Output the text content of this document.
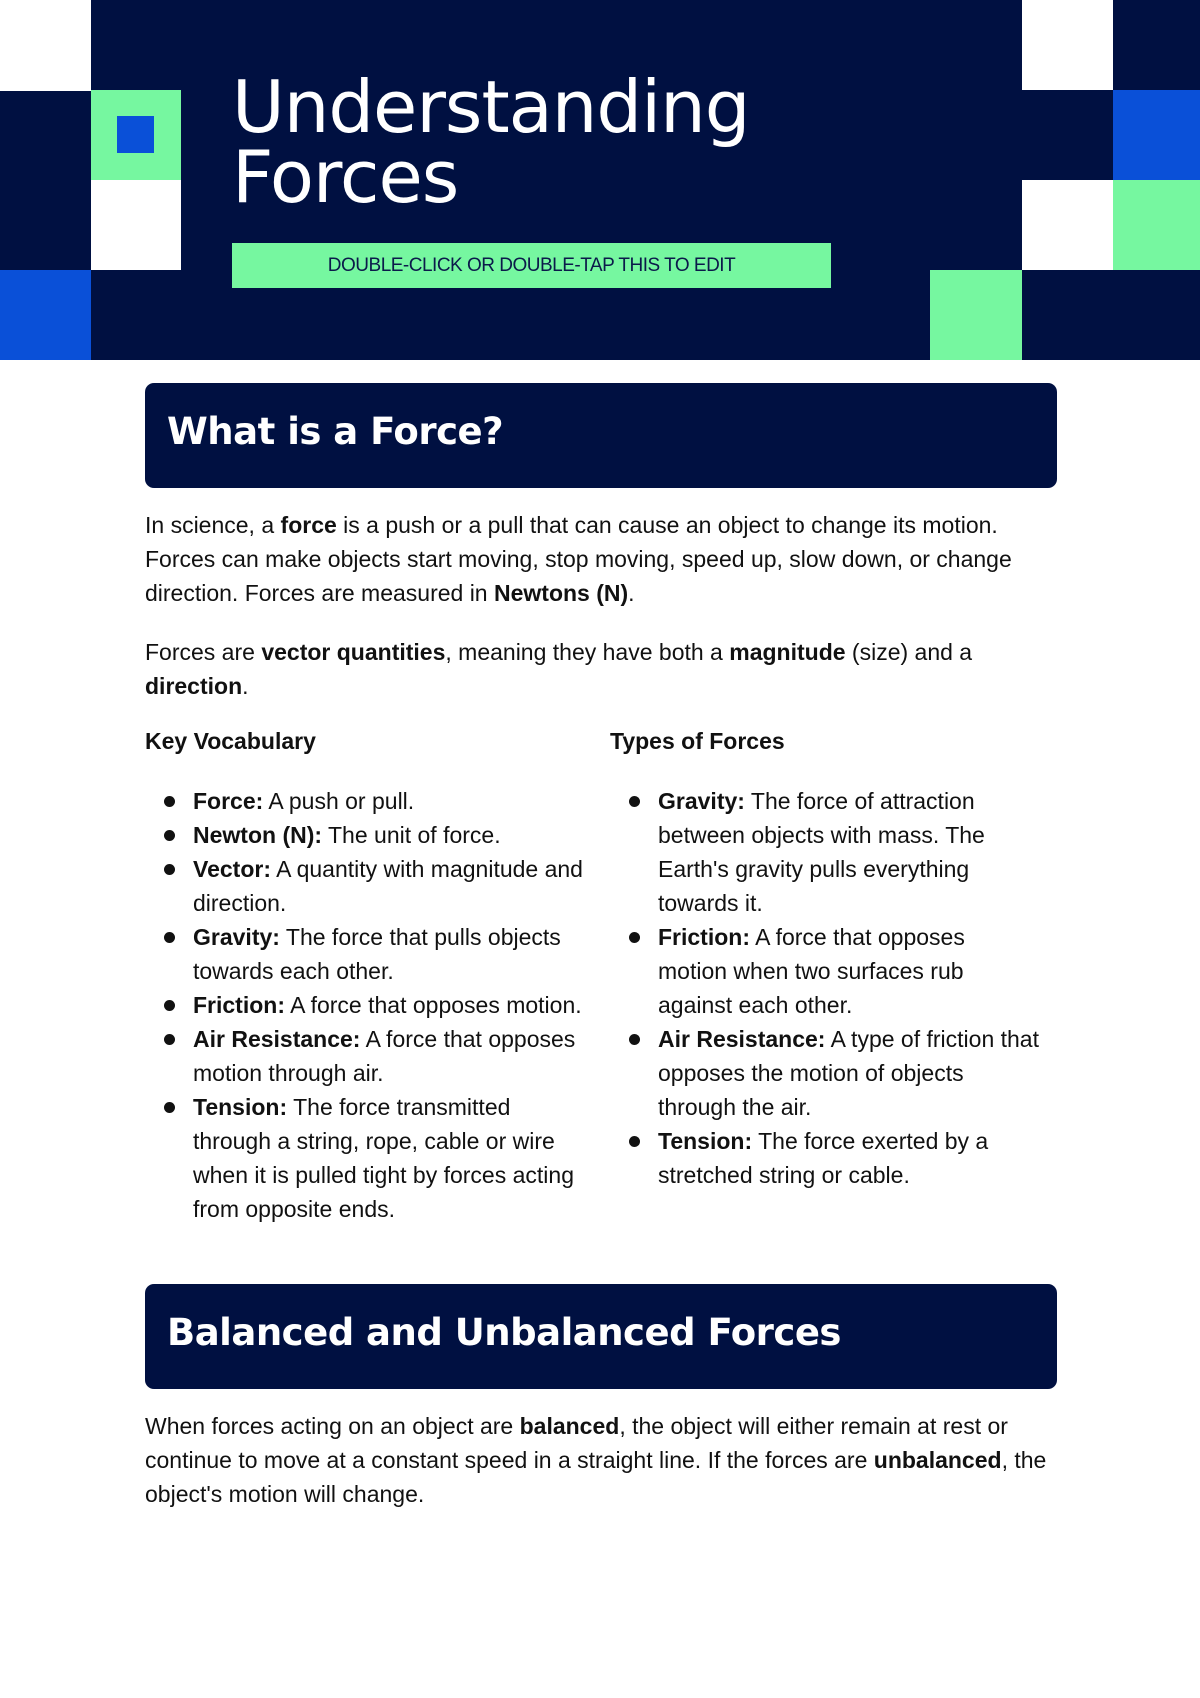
Understanding
Forces
DOUBLE-CLICK OR DOUBLE-TAP THIS TO EDIT
What is a Force?

In science, a force is a push or a pull that can cause an object to change its motion. Forces can make objects start moving, stop moving, speed up, slow down, or change direction. Forces are measured in Newtons (N).

Forces are vector quantities, meaning they have both a magnitude (size) and a direction.

Key Vocabulary
Force: A push or pull.
Newton (N): The unit of force.
Vector: A quantity with magnitude and direction.
Gravity: The force that pulls objects towards each other.
Friction: A force that opposes motion.
Air Resistance: A force that opposes motion through air.
Tension: The force transmitted through a string, rope, cable or wire when it is pulled tight by forces acting from opposite ends.
Types of Forces
Gravity: The force of attraction between objects with mass. The Earth's gravity pulls everything towards it.
Friction: A force that opposes motion when two surfaces rub against each other.
Air Resistance: A type of friction that opposes the motion of objects through the air.
Tension: The force exerted by a stretched string or cable.
Balanced and Unbalanced Forces

When forces acting on an object are balanced, the object will either remain at rest or continue to move at a constant speed in a straight line. If the forces are unbalanced, the object's motion will change.
